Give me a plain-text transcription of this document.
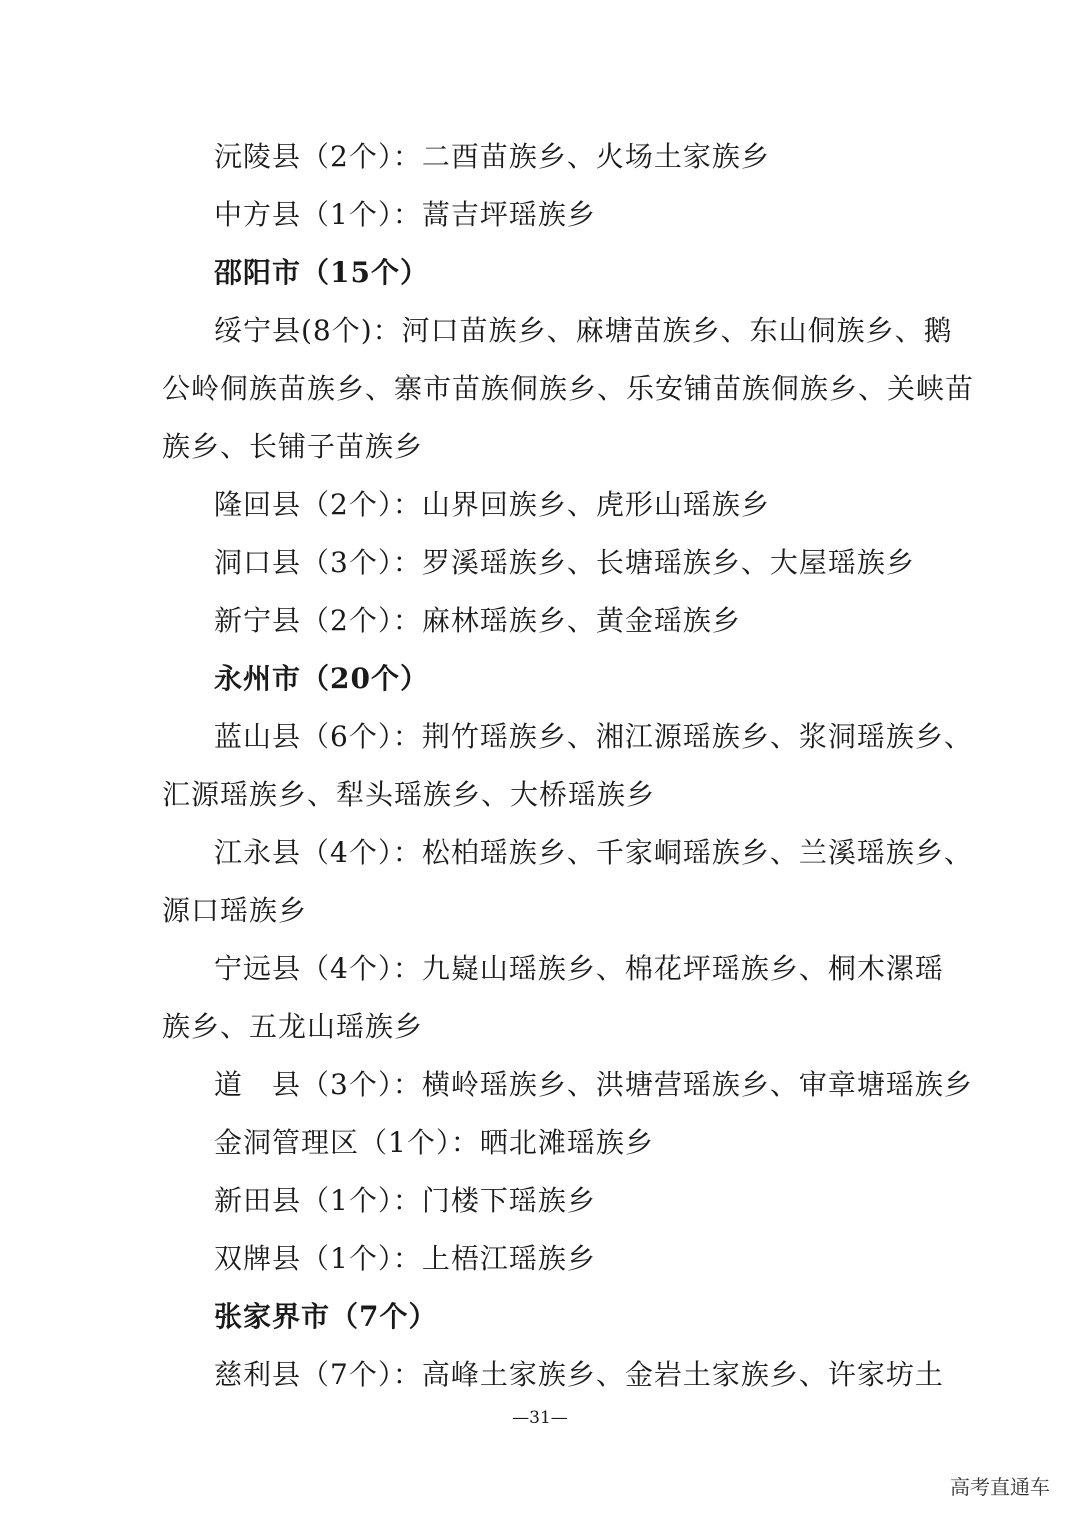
沅陵县（2个）：二酉苗族乡、火场土家族乡
中方县（1个）：蒿吉坪瑶族乡
邵阳市（15个）
绥宁县(8个)：河口苗族乡、麻塘苗族乡、东山侗族乡、鹅
公岭侗族苗族乡、寨市苗族侗族乡、乐安铺苗族侗族乡、关峡苗
族乡、长铺子苗族乡
隆回县（2个）：山界回族乡、虎形山瑶族乡
洞口县（3个）：罗溪瑶族乡、长塘瑶族乡、大屋瑶族乡
新宁县（2个）：麻林瑶族乡、黄金瑶族乡
永州市（20个）
蓝山县（6个）：荆竹瑶族乡、湘江源瑶族乡、浆洞瑶族乡、
汇源瑶族乡、犁头瑶族乡、大桥瑶族乡
江永县（4个）：松柏瑶族乡、千家峒瑶族乡、兰溪瑶族乡、
源口瑶族乡
宁远县（4个）：九嶷山瑶族乡、棉花坪瑶族乡、桐木漯瑶
族乡、五龙山瑶族乡
道　县（3个）：横岭瑶族乡、洪塘营瑶族乡、审章塘瑶族乡
金洞管理区（1个）：晒北滩瑶族乡
新田县（1个）：门楼下瑶族乡
双牌县（1个）：上梧江瑶族乡
张家界市（7个）
慈利县（7个）：高峰土家族乡、金岩土家族乡、许家坊土
—31—
高考直通车
